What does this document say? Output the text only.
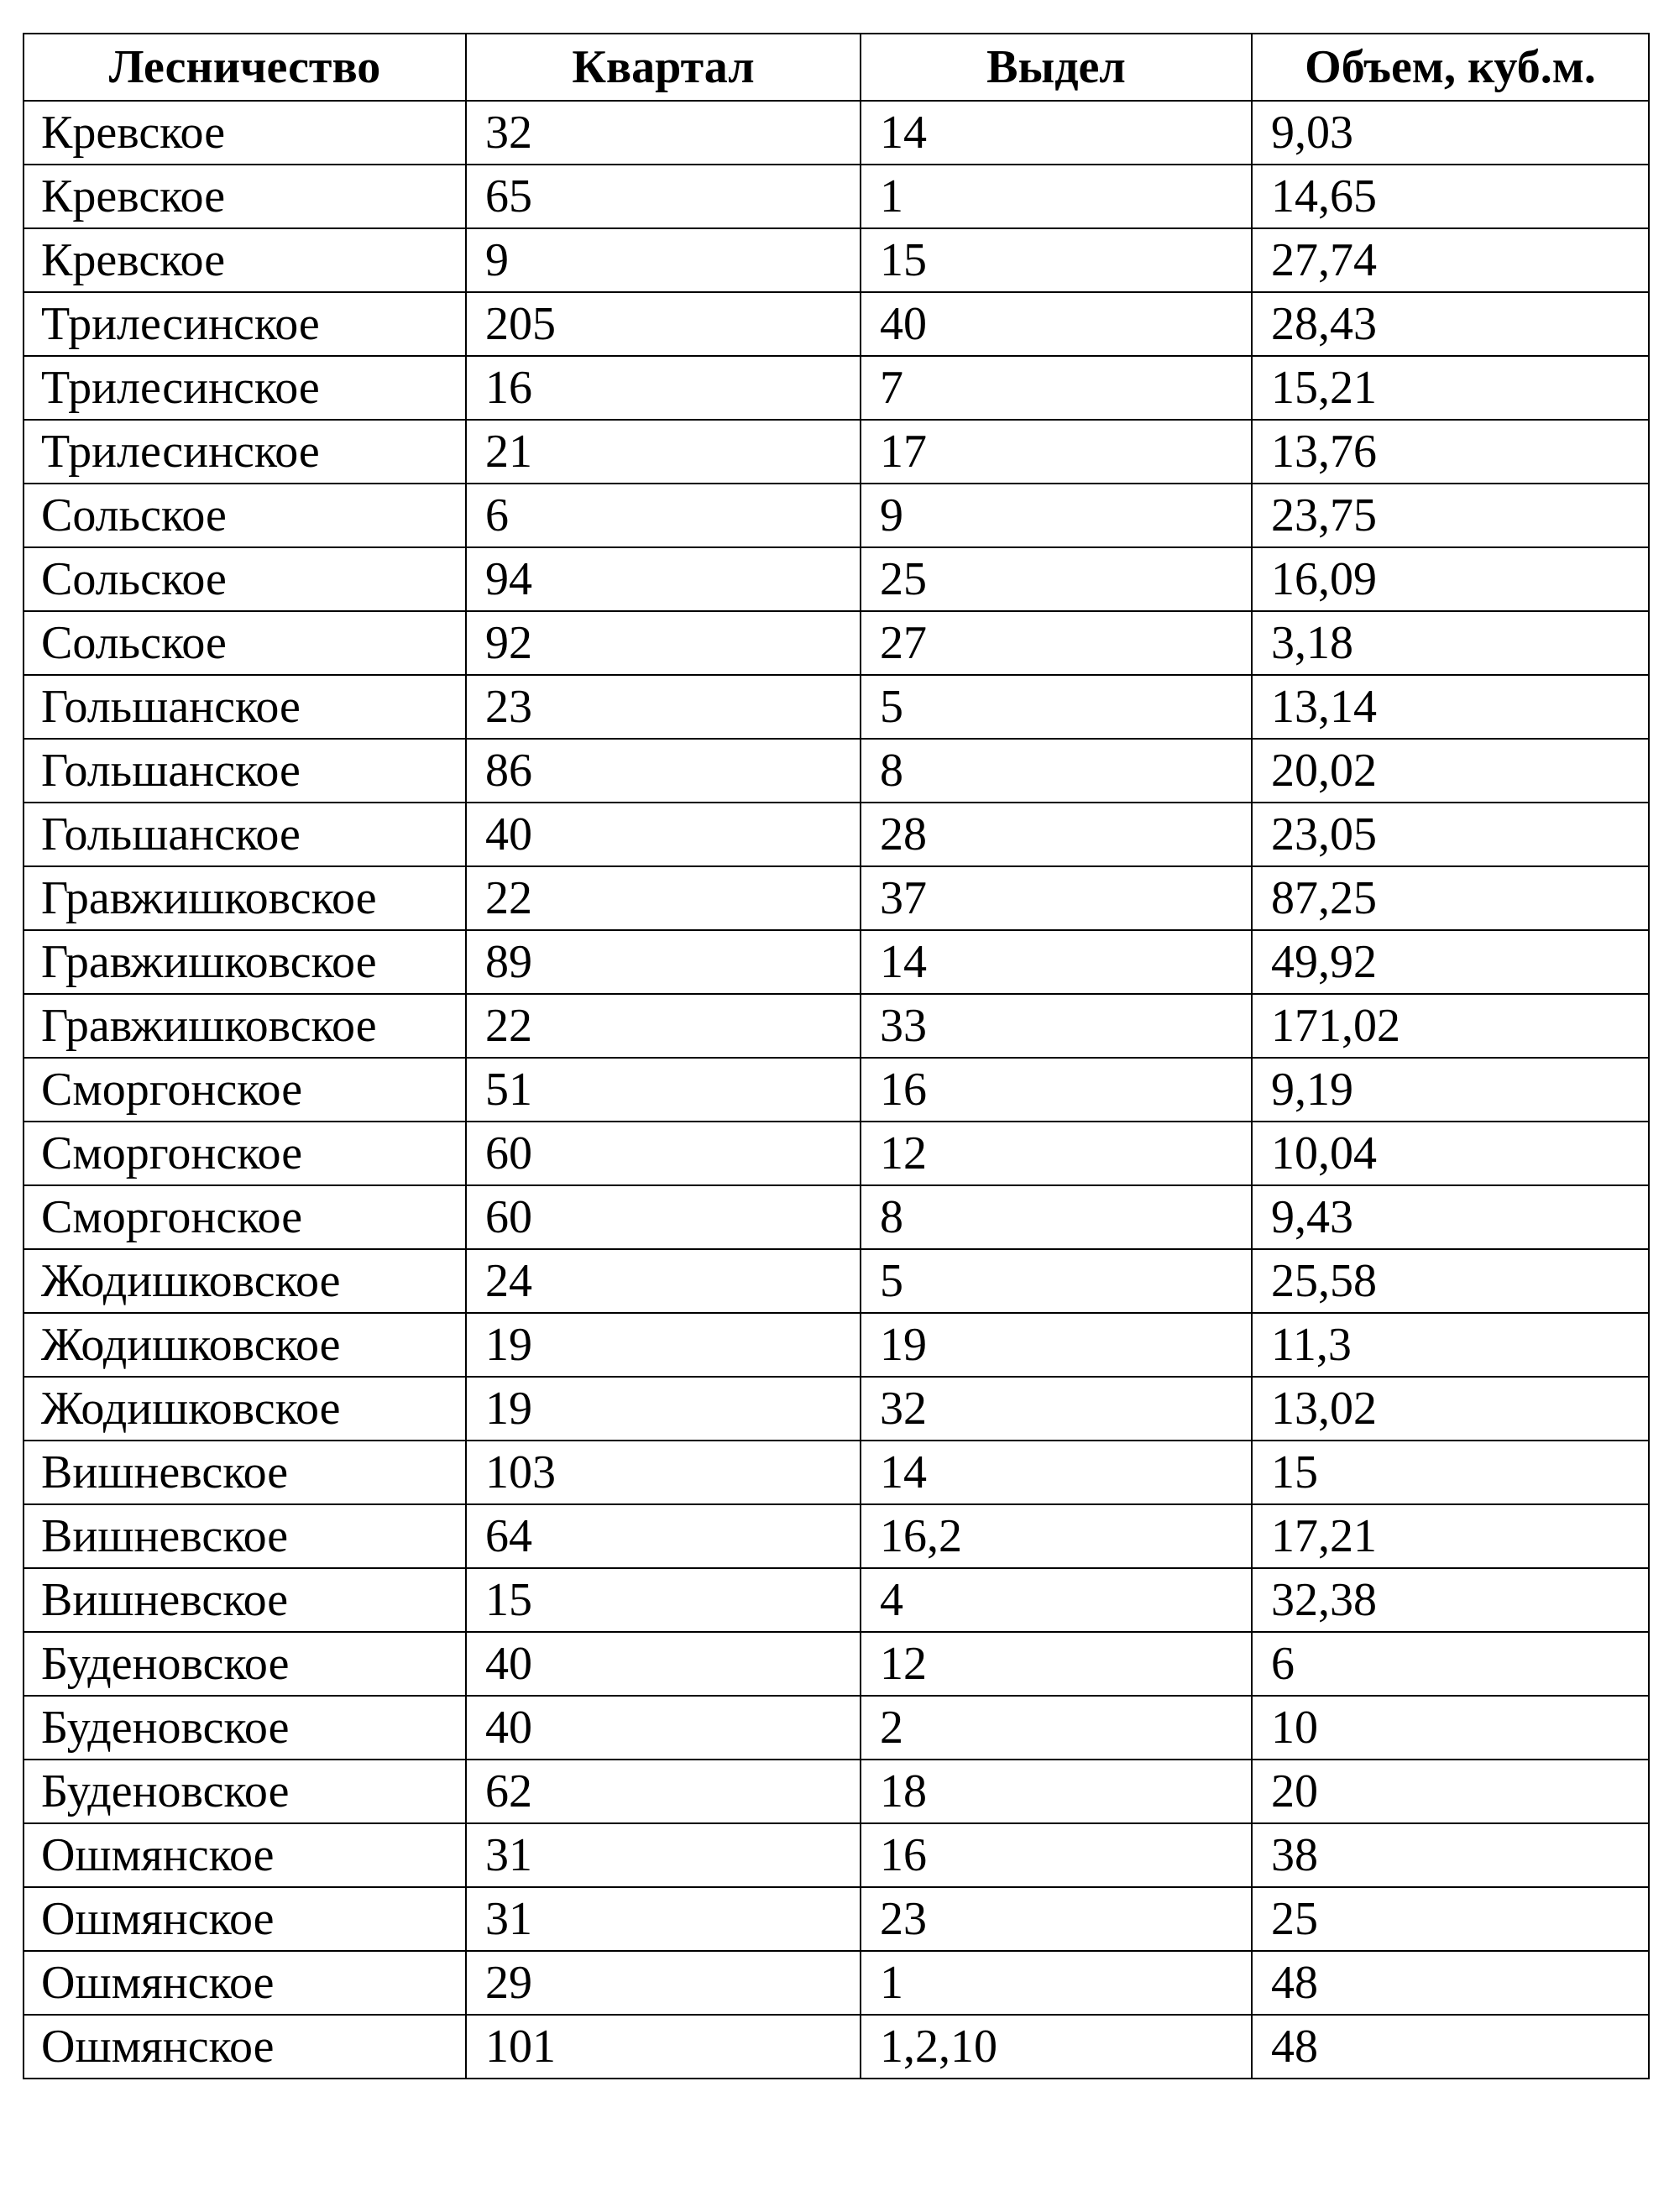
Лесничество	Квартал	Выдел	Объем, куб.м.
Кревское	32	14	9,03
Кревское	65	1	14,65
Кревское	9	15	27,74
Трилесинское	205	40	28,43
Трилесинское	16	7	15,21
Трилесинское	21	17	13,76
Сольское	6	9	23,75
Сольское	94	25	16,09
Сольское	92	27	3,18
Гольшанское	23	5	13,14
Гольшанское	86	8	20,02
Гольшанское	40	28	23,05
Гравжишковское	22	37	87,25
Гравжишковское	89	14	49,92
Гравжишковское	22	33	171,02
Сморгонское	51	16	9,19
Сморгонское	60	12	10,04
Сморгонское	60	8	9,43
Жодишковское	24	5	25,58
Жодишковское	19	19	11,3
Жодишковское	19	32	13,02
Вишневское	103	14	15
Вишневское	64	16,2	17,21
Вишневское	15	4	32,38
Буденовское	40	12	6
Буденовское	40	2	10
Буденовское	62	18	20
Ошмянское	31	16	38
Ошмянское	31	23	25
Ошмянское	29	1	48
Ошмянское	101	1,2,10	48
